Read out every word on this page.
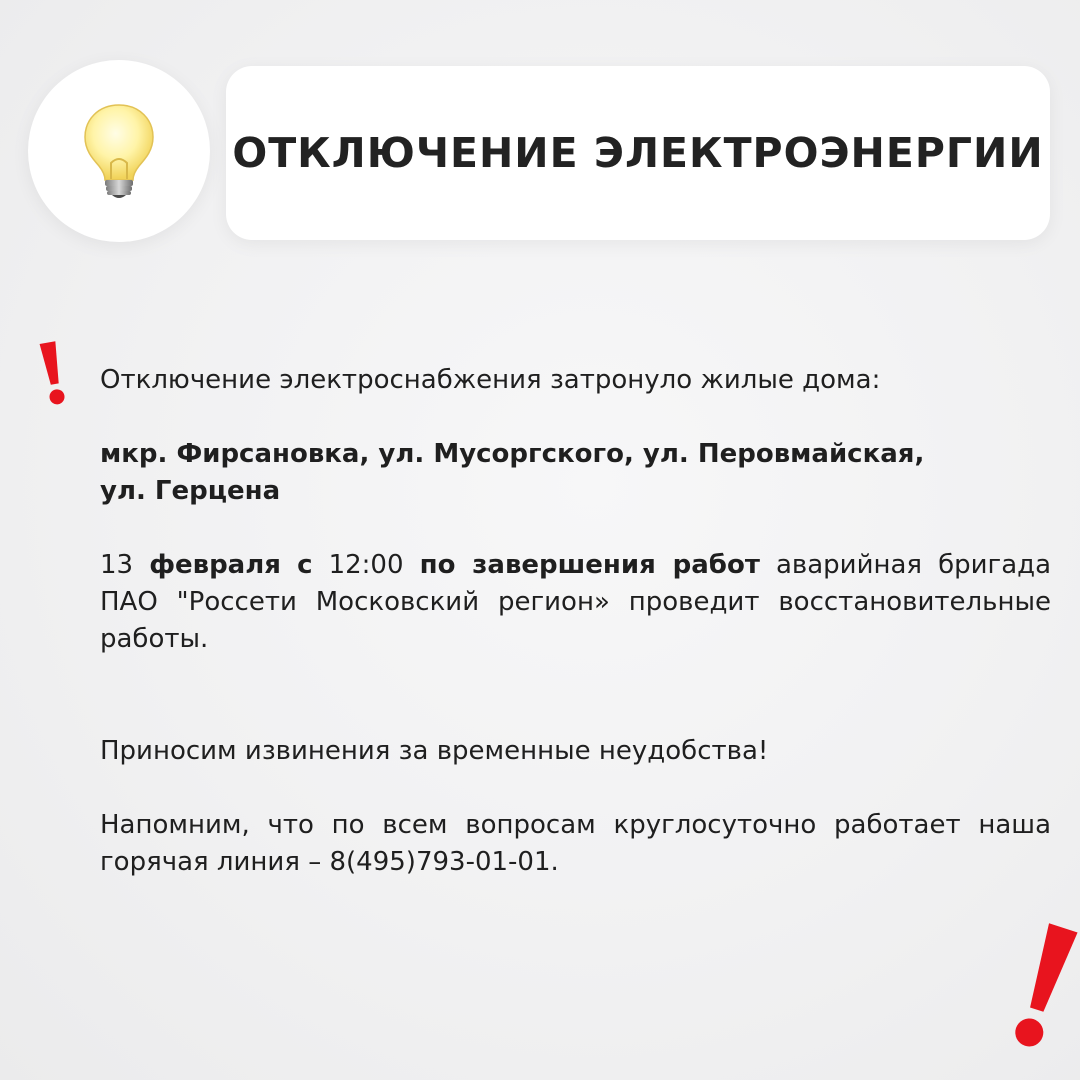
ОТКЛЮЧЕНИЕ ЭЛЕКТРОЭНЕРГИИ

Отключение электроснабжения затронуло жилые дома:

мкр. Фирсановка, ул. Мусоргского, ул. Перовмайская,
ул. Герцена

13 февраля с 12:00 по завершения работ аварийная бригада ПАО "Россети Московский регион» проведит восстановительные работы.

Приносим извинения за временные неудобства!

Напомним, что по всем вопросам круглосуточно работает наша горячая линия – 8(495)793-01-01.
